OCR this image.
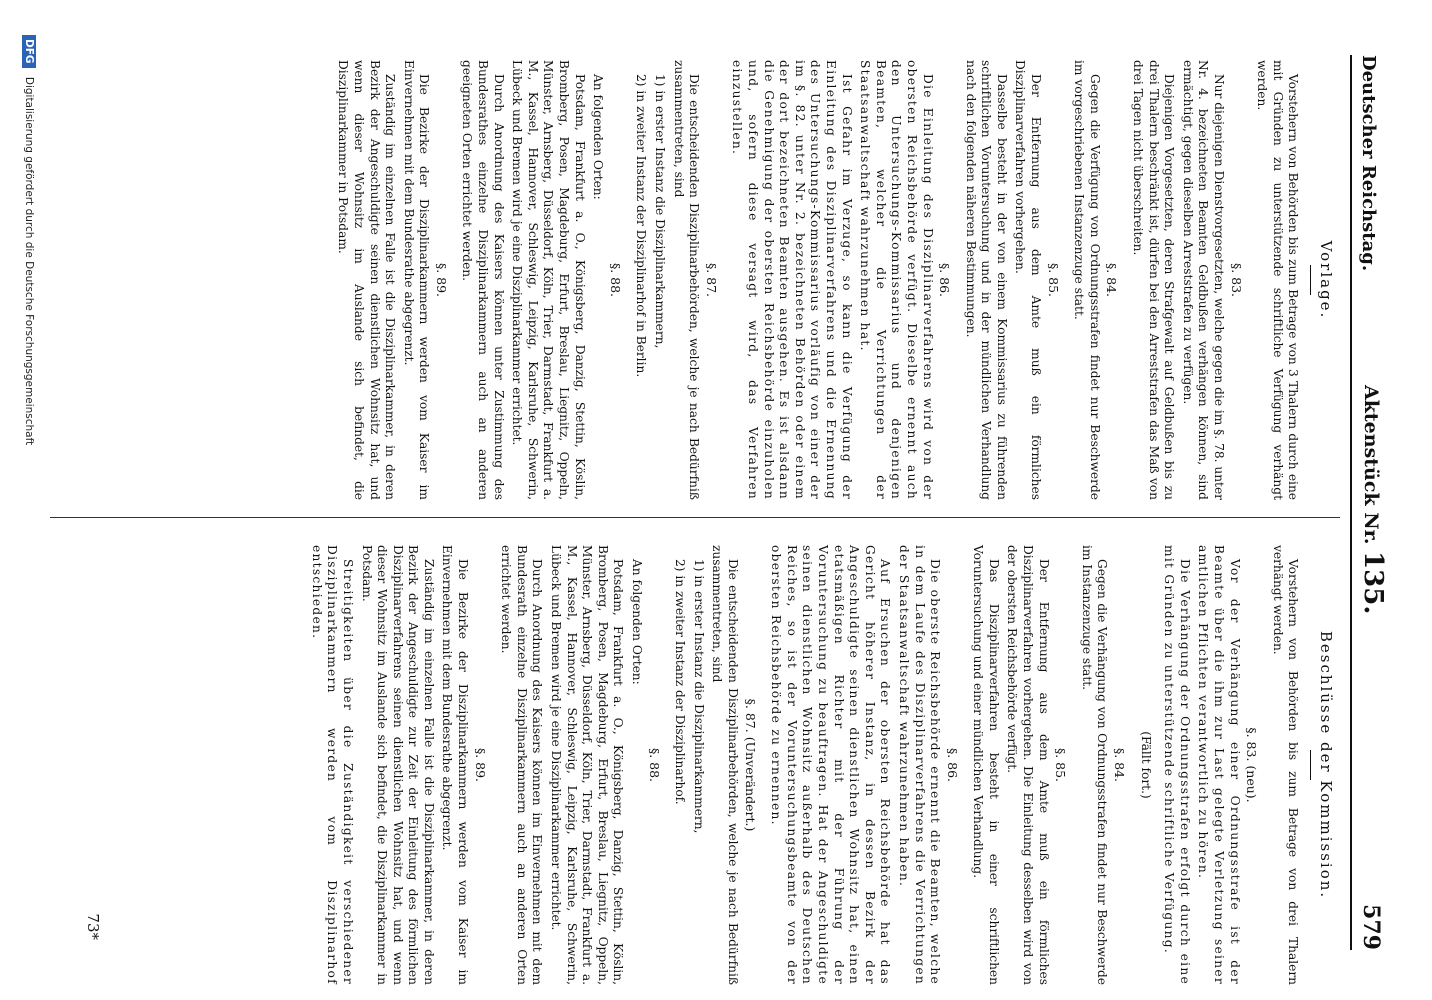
Deutscher Reichstag.
Aktenstück Nr. 135.
579
Vorlage.

Vorstehern von Behörden bis zum Betrage von 3 Thalern durch eine mit Gründen zu unterstützende schriftliche Verfügung verhängt werden.

§. 83.

Nur diejenigen Dienstvorgesetzten, welche gegen die im §. 78. unter Nr. 4. bezeichneten Beamten Geldbußen verhängen können, sind ermächtigt, gegen dieselben Arreststrafen zu verfügen.

Diejenigen Vorgesetzten, deren Strafgewalt auf Geldbußen bis zu drei Thalern beschränkt ist, dürfen bei den Arreststrafen das Maß von drei Tagen nicht überschreiten.

§. 84.

Gegen die Verfügung von Ordnungsstrafen findet nur Beschwerde im vorgeschriebenen Instanzenzuge statt.

§. 85.

Der Entfernung aus dem Amte muß ein förmliches Disziplinarverfahren vorhergehen.

Dasselbe besteht in der von einem Kommissarius zu führenden schriftlichen Voruntersuchung und in der mündlichen Verhandlung nach den folgenden näheren Bestimmungen.

§. 86.

Die Einleitung des Disziplinarverfahrens wird von der obersten Reichsbehörde verfügt. Dieselbe ernennt auch den Untersuchungs-Kommissarius und denjenigen Beamten, welcher die Verrichtungen der Staatsanwaltschaft wahrzunehmen hat.

Ist Gefahr im Verzuge, so kann die Verfügung der Einleitung des Disziplinarverfahrens und die Ernennung des Untersuchungs-Kommissarius vorläufig von einer der im §. 82. unter Nr. 2. bezeichneten Behörden oder einem der dort bezeichneten Beamten ausgehen. Es ist alsdann die Genehmigung der obersten Reichsbehörde einzuholen und, sofern diese versagt wird, das Verfahren einzustellen.

§. 87.

Die entscheidenden Disziplinarbehörden, welche je nach Bedürfniß zusammentreten, sind

1) in erster Instanz die Disziplinarkammern,

2) in zweiter Instanz der Disziplinarhof in Berlin.

§. 88.

An folgenden Orten:

Potsdam, Frankfurt a. O., Königsberg, Danzig, Stettin, Köslin, Bromberg, Posen, Magdeburg, Erfurt, Breslau, Liegnitz, Oppeln, Münster, Arnsberg, Düsseldorf, Köln, Trier, Darmstadt, Frankfurt a. M., Kassel, Hannover, Schleswig, Leipzig, Karlsruhe, Schwerin, Lübeck und Bremen wird je eine Disziplinarkammer errichtet.

Durch Anordnung des Kaisers können unter Zustimmung des Bundesrathes einzelne Disziplinarkammern auch an anderen geeigneten Orten errichtet werden.

§. 89.

Die Bezirke der Disziplinarkammern werden vom Kaiser im Einvernehmen mit dem Bundesrathe abgegrenzt.

Zuständig im einzelnen Falle ist die Disziplinarkammer, in deren Bezirk der Angeschuldigte seinen dienstlichen Wohnsitz hat, und wenn dieser Wohnsitz im Auslande sich befindet, die Disziplinarkammer in Potsdam.

Beschlüsse der Kommission.

Vorstehern von Behörden bis zum Betrage von drei Thalern verhängt werden.

§. 83. (neu).

Vor der Verhängung einer Ordnungsstrafe ist der Beamte über die ihm zur Last gelegte Verletzung seiner amtlichen Pflichten verantwortlich zu hören.

Die Verhängung der Ordnungsstrafen erfolgt durch eine mit Gründen zu unterstützende schriftliche Verfügung.

(Fällt fort.)
§. 84.

Gegen die Verhängung von Ordnungsstrafen findet nur Beschwerde im Instanzenzuge statt.

§. 85.

Der Entfernung aus dem Amte muß ein förmliches Disziplinarverfahren vorhergehen. Die Einleitung desselben wird von der obersten Reichsbehörde verfügt.

Das Disziplinarverfahren besteht in einer schriftlichen Voruntersuchung und einer mündlichen Verhandlung.

§. 86.

Die oberste Reichsbehörde ernennt die Beamten, welche in dem Laufe des Disziplinarverfahrens die Verrichtungen der Staatsanwaltschaft wahrzunehmen haben.

Auf Ersuchen der obersten Reichsbehörde hat das Gericht höherer Instanz, in dessen Bezirk der Angeschuldigte seinen dienstlichen Wohnsitz hat, einen etatsmäßigen Richter mit der Führung der Voruntersuchung zu beauftragen. Hat der Angeschuldigte seinen dienstlichen Wohnsitz außerhalb des Deutschen Reiches, so ist der Voruntersuchungsbeamte von der obersten Reichsbehörde zu ernennen.

§. 87. (Unverändert.)

Die entscheidenden Disziplinarbehörden, welche je nach Bedürfniß zusammentreten, sind

1) in erster Instanz die Disziplinarkammern,

2) in zweiter Instanz der Disziplinarhof.

§. 88.

An folgenden Orten:

Potsdam, Frankfurt a. O., Königsberg, Danzig, Stettin, Köslin, Bromberg, Posen, Magdeburg, Erfurt, Breslau, Liegnitz, Oppeln, Münster, Arnsberg, Düsseldorf, Köln, Trier, Darmstadt, Frankfurt a. M., Kassel, Hannover, Schleswig, Leipzig, Karlsruhe, Schwerin, Lübeck und Bremen wird je eine Disziplinarkammer errichtet.

Durch Anordnung des Kaisers können im Einvernehmen mit dem Bundesrath einzelne Disziplinarkammern auch an anderen Orten errichtet werden.

§. 89.

Die Bezirke der Disziplinarkammern werden vom Kaiser im Einvernehmen mit dem Bundesrathe abgegrenzt.

Zuständig im einzelnen Falle ist die Disziplinarkammer, in deren Bezirk der Angeschuldigte zur Zeit der Einleitung des förmlichen Disziplinarverfahrens seinen dienstlichen Wohnsitz hat, und wenn dieser Wohnsitz im Auslande sich befindet, die Disziplinarkammer in Potsdam.

Streitigkeiten über die Zuständigkeit verschiedener Disziplinarkammern werden vom Disziplinarhof entschieden.

73*
DFG Digitalisierung gefördert durch die Deutsche Forschungsgemeinschaft
